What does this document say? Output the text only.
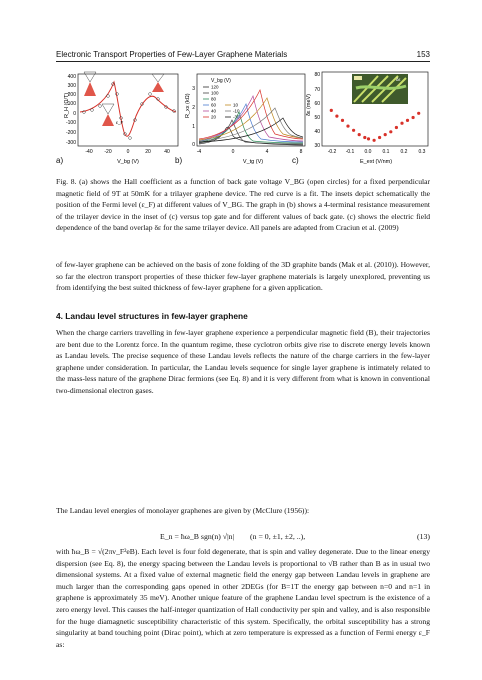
Electronic Transport Properties of Few-Layer Graphene Materials	153
R_H (Ω/T)
400
300
200
100
0
-100
-200
-300
-40 -20	0	20	40
V_bg (V)
ε_F
a)
R_xx (kΩ)
3
2
1
0
-4	0	4	8
V_tg (V)
V_bg (V)
120
100
80
60
40
20
10
-10
-30
b)
δε (meV)
80
70
60
50
40
30
-0.2 -0.1 0.0 0.1 0.2 0.3
E_ext (V/nm)
δε
c)
Fig. 8. (a) shows the Hall coefficient as a function of back gate voltage V_BG (open circles) for a fixed perpendicular magnetic field of 9T at 50mK for a trilayer graphene device. The red curve is a fit. The insets depict schematically the position of the Fermi level (ε_F) at different values of V_BG. The graph in (b) shows a 4-terminal resistance measurement of the trilayer device in the inset of (c) versus top gate and for different values of back gate. (c) shows the electric field dependence of the band overlap δε for the same trilayer device. All panels are adapted from Craciun et al. (2009)
of few-layer graphene can be achieved on the basis of zone folding of the 3D graphite bands (Mak et al. (2010)). However, so far the electron transport properties of these thicker few-layer graphene materials is largely unexplored, preventing us from identifying the best suited thickness of few-layer graphene for a given application.
4. Landau level structures in few-layer graphene
When the charge carriers travelling in few-layer graphene experience a perpendicular magnetic field (B), their trajectories are bent due to the Lorentz force. In the quantum regime, these cyclotron orbits give rise to discrete energy levels known as Landau levels. The precise sequence of these Landau levels reflects the nature of the charge carriers in the few-layer graphene under consideration. In particular, the Landau levels sequence for single layer graphene is intimately related to the mass-less nature of the graphene Dirac fermions (see Eq. 8) and it is very different from what is known in conventional two-dimensional electron gases.
The Landau level energies of monolayer graphenes are given by (McClure (1956)):
E_n = ħω_B sgn(n) √|n| (n = 0, ±1, ±2, ..),	(13)
with ħω_B = √(2πv_F²eB). Each level is four fold degenerate, that is spin and valley degenerate. Due to the linear energy dispersion (see Eq. 8), the energy spacing between the Landau levels is proportional to √B rather than B as in usual two dimensional systems. At a fixed value of external magnetic field the energy gap between Landau levels in graphene are much larger than the corresponding gaps opened in other 2DEGs (for B=1T the energy gap between n=0 and n=1 in graphene is approximately 35 meV). Another unique feature of the graphene Landau level spectrum is the existence of a zero energy level. This causes the half-integer quantization of Hall conductivity per spin and valley, and is also responsible for the huge diamagnetic susceptibility characteristic of this system. Specifically, the orbital susceptibility has a strong singularity at band touching point (Dirac point), which at zero temperature is expressed as a function of Fermi energy ε_F as:
